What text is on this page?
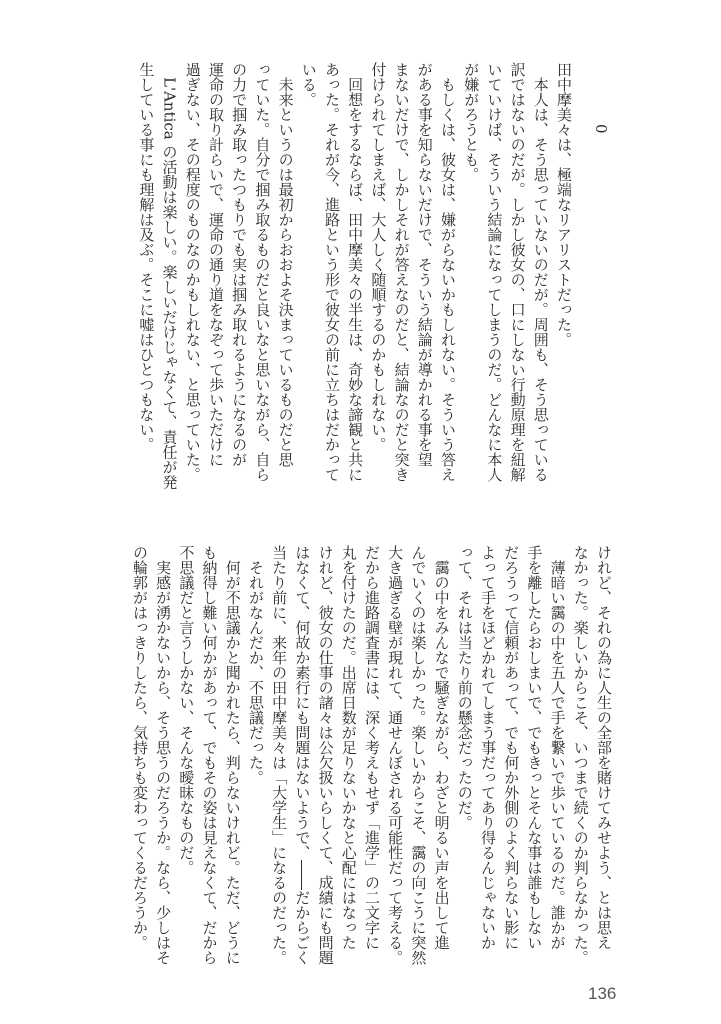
0
田中摩美々は、極端なリアリストだった。
　本人は、そう思っていないのだが。周囲も、そう思っている
訳ではないのだが。しかし彼女の、口にしない行動原理を紐解
いていけば、そういう結論になってしまうのだ。どんなに本人
が嫌がろうとも。
　もしくは、彼女は、嫌がらないかもしれない。そういう答え
がある事を知らないだけで、そういう結論が導かれる事を望
まないだけで、しかしそれが答えなのだと、結論なのだと突き
付けられてしまえば、大人しく随順するのかもしれない。
　回想をするならば、田中摩美々の半生は、奇妙な諦観と共に
あった。それが今、進路という形で彼女の前に立ちはだかって
いる。
　未来というのは最初からおおよそ決まっているものだと思
っていた。自分で掴み取るものだと良いなと思いながら、自ら
の力で掴み取ったつもりでも実は掴み取れるようになるのが
運命の取り計らいで、運命の通り道をなぞって歩いただけに
過ぎない、その程度のものなのかもしれない、と思っていた。
　L'Antica の活動は楽しい。楽しいだけじゃなくて、責任が発
生している事にも理解は及ぶ。そこに嘘はひとつもない。
けれど、それの為に人生の全部を賭けてみせよう、とは思え
なかった。楽しいからこそ、いつまで続くのか判らなかった。
　薄暗い靄の中を五人で手を繋いで歩いているのだ。誰かが
手を離したらおしまいで、でもきっとそんな事は誰もしない
だろうって信頼があって、でも何か外側のよく判らない影に
よって手をほどかれてしまう事だってあり得るんじゃないか
って、それは当たり前の懸念だったのだ。
　靄の中をみんなで騒ぎながら、わざと明るい声を出して進
んでいくのは楽しかった。楽しいからこそ、靄の向こうに突然
大き過ぎる壁が現れて、通せんぼされる可能性だって考える。
だから進路調査書には、深く考えもせず「進学」の二文字に
丸を付けたのだ。出席日数が足りないかなと心配にはなった
けれど、彼女の仕事の諸々は公欠扱いらしくて、成績にも問題
はなくて、何故か素行にも問題はないようで、――だからごく
当たり前に、来年の田中摩美々は「大学生」になるのだった。
　それがなんだか、不思議だった。
　何が不思議かと聞かれたら、判らないけれど。ただ、どうに
も納得し難い何かがあって、でもその姿は見えなくて、だから
不思議だと言うしかない、そんな曖昧なものだ。
　実感が湧かないから、そう思うのだろうか。なら、少しはそ
の輪郭がはっきりしたら、気持ちも変わってくるだろうか。
136
